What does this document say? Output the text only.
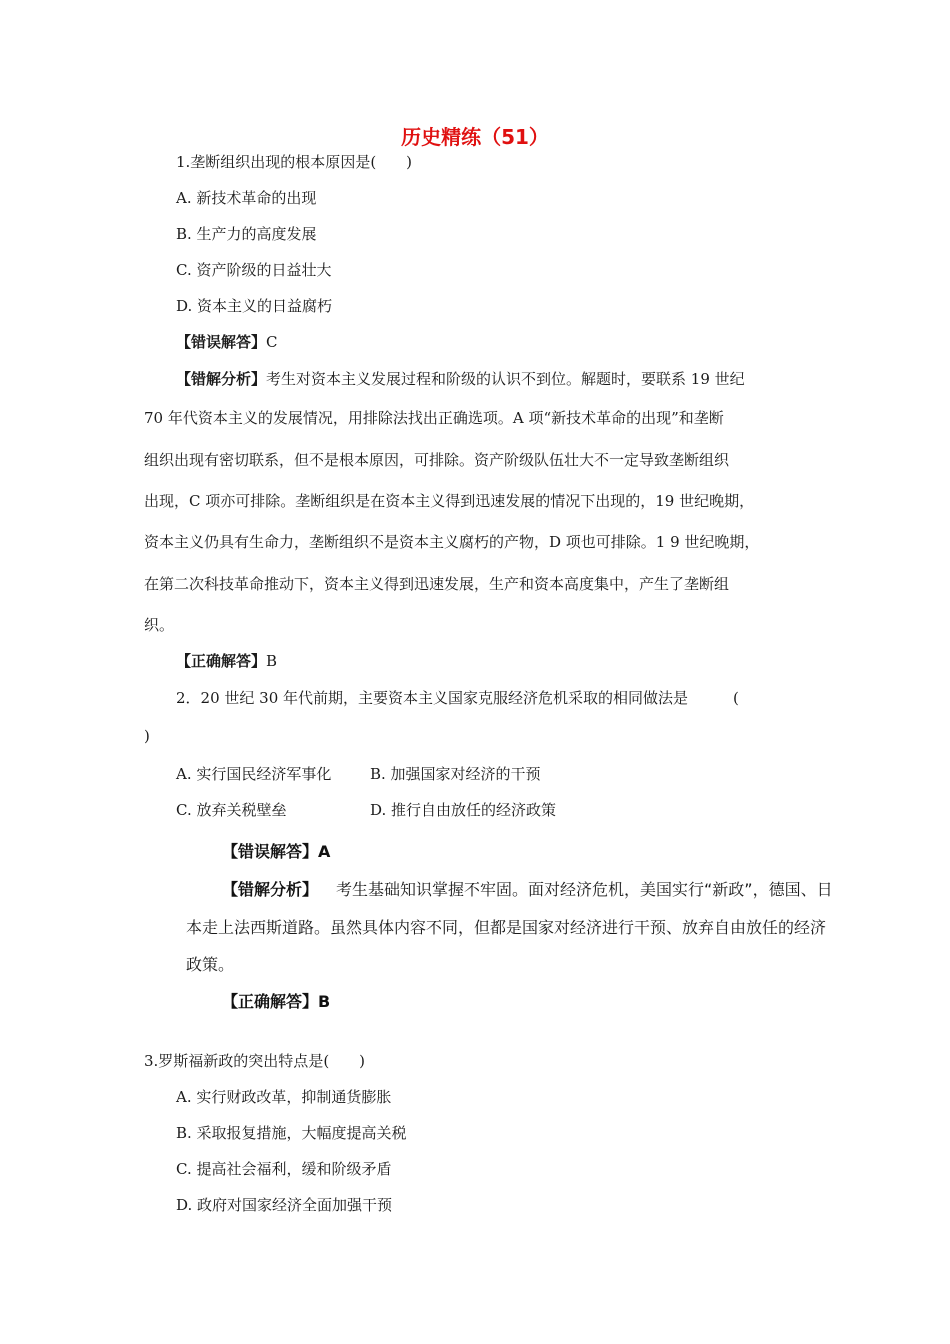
历史精练（51）
1.垄断组织出现的根本原因是(　　)
A. 新技术革命的出现
B. 生产力的高度发展
C. 资产阶级的日益壮大
D. 资本主义的日益腐朽
【错误解答】C
【错解分析】考生对资本主义发展过程和阶级的认识不到位。解题时，要联系 19 世纪
70 年代资本主义的发展情况，用排除法找出正确选项。A 项“新技术革命的出现”和垄断
组织出现有密切联系，但不是根本原因，可排除。资产阶级队伍壮大不一定导致垄断组织
出现，C 项亦可排除。垄断组织是在资本主义得到迅速发展的情况下出现的，19 世纪晚期，
资本主义仍具有生命力，垄断组织不是资本主义腐朽的产物，D 项也可排除。1 9 世纪晚期，
在第二次科技革命推动下，资本主义得到迅速发展，生产和资本高度集中，产生了垄断组
织。
【正确解答】B
2．20 世纪 30 年代前期，主要资本主义国家克服经济危机采取的相同做法是　　　(
)
A. 实行国民经济军事化	B. 加强国家对经济的干预
C. 放弃关税壁垒	D. 推行自由放任的经济政策
【错误解答】A
【错解分析】 考生基础知识掌握不牢固。面对经济危机，美国实行“新政”，德国、日
本走上法西斯道路。虽然具体内容不同，但都是国家对经济进行干预、放弃自由放任的经济
政策。
【正确解答】B
3.罗斯福新政的突出特点是(　　)
A. 实行财政改革，抑制通货膨胀
B. 采取报复措施，大幅度提高关税
C. 提高社会福利，缓和阶级矛盾
D. 政府对国家经济全面加强干预
